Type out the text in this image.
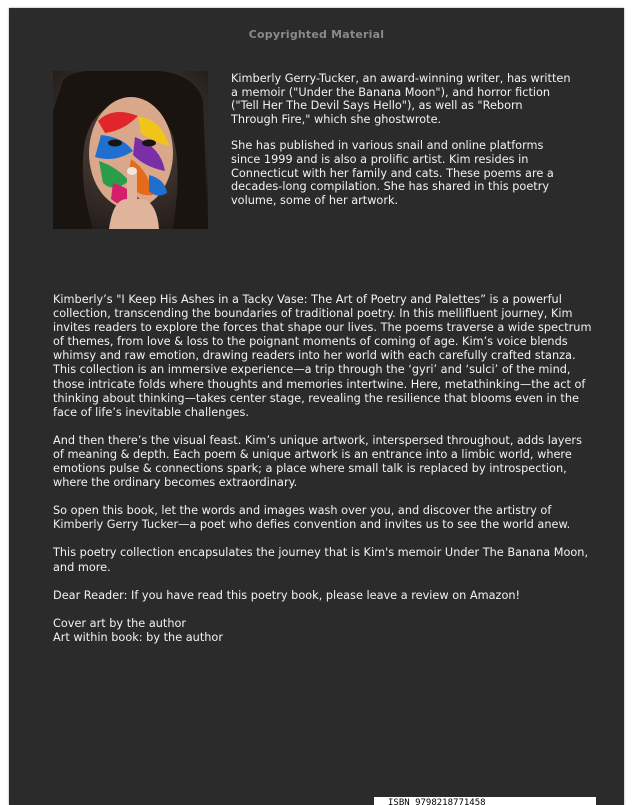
Copyrighted Material

Kimberly Gerry-Tucker, an award-winning writer, has written a memoir ("Under the Banana Moon"), and horror fiction ("Tell Her The Devil Says Hello"), as well as "Reborn Through Fire," which she ghostwrote.

She has published in various snail and online platforms since 1999 and is also a prolific artist. Kim resides in Connecticut with her family and cats. These poems are a decades-long compilation. She has shared in this poetry volume, some of her artwork.

Kimberly’s "I Keep His Ashes in a Tacky Vase: The Art of Poetry and Palettes” is a powerful collection, transcending the boundaries of traditional poetry. In this mellifluent journey, Kim invites readers to explore the forces that shape our lives. The poems traverse a wide spectrum of themes, from love & loss to the poignant moments of coming of age. Kim’s voice blends whimsy and raw emotion, drawing readers into her world with each carefully crafted stanza.

This collection is an immersive experience—a trip through the ‘gyri’ and ‘sulci’ of the mind, those intricate folds where thoughts and memories intertwine. Here, metathinking—the act of thinking about thinking—takes center stage, revealing the resilience that blooms even in the face of life’s inevitable challenges.

And then there’s the visual feast. Kim’s unique artwork, interspersed throughout, adds layers of meaning & depth. Each poem & unique artwork is an entrance into a limbic world, where emotions pulse & connections spark; a place where small talk is replaced by introspection, where the ordinary becomes extraordinary.

So open this book, let the words and images wash over you, and discover the artistry of Kimberly Gerry Tucker—a poet who defies convention and invites us to see the world anew.

This poetry collection encapsulates the journey that is Kim's memoir Under The Banana Moon, and more.

Dear Reader: If you have read this poetry book, please leave a review on Amazon!

Cover art by the author

Art within book: by the author

ISBN 9798218771458
